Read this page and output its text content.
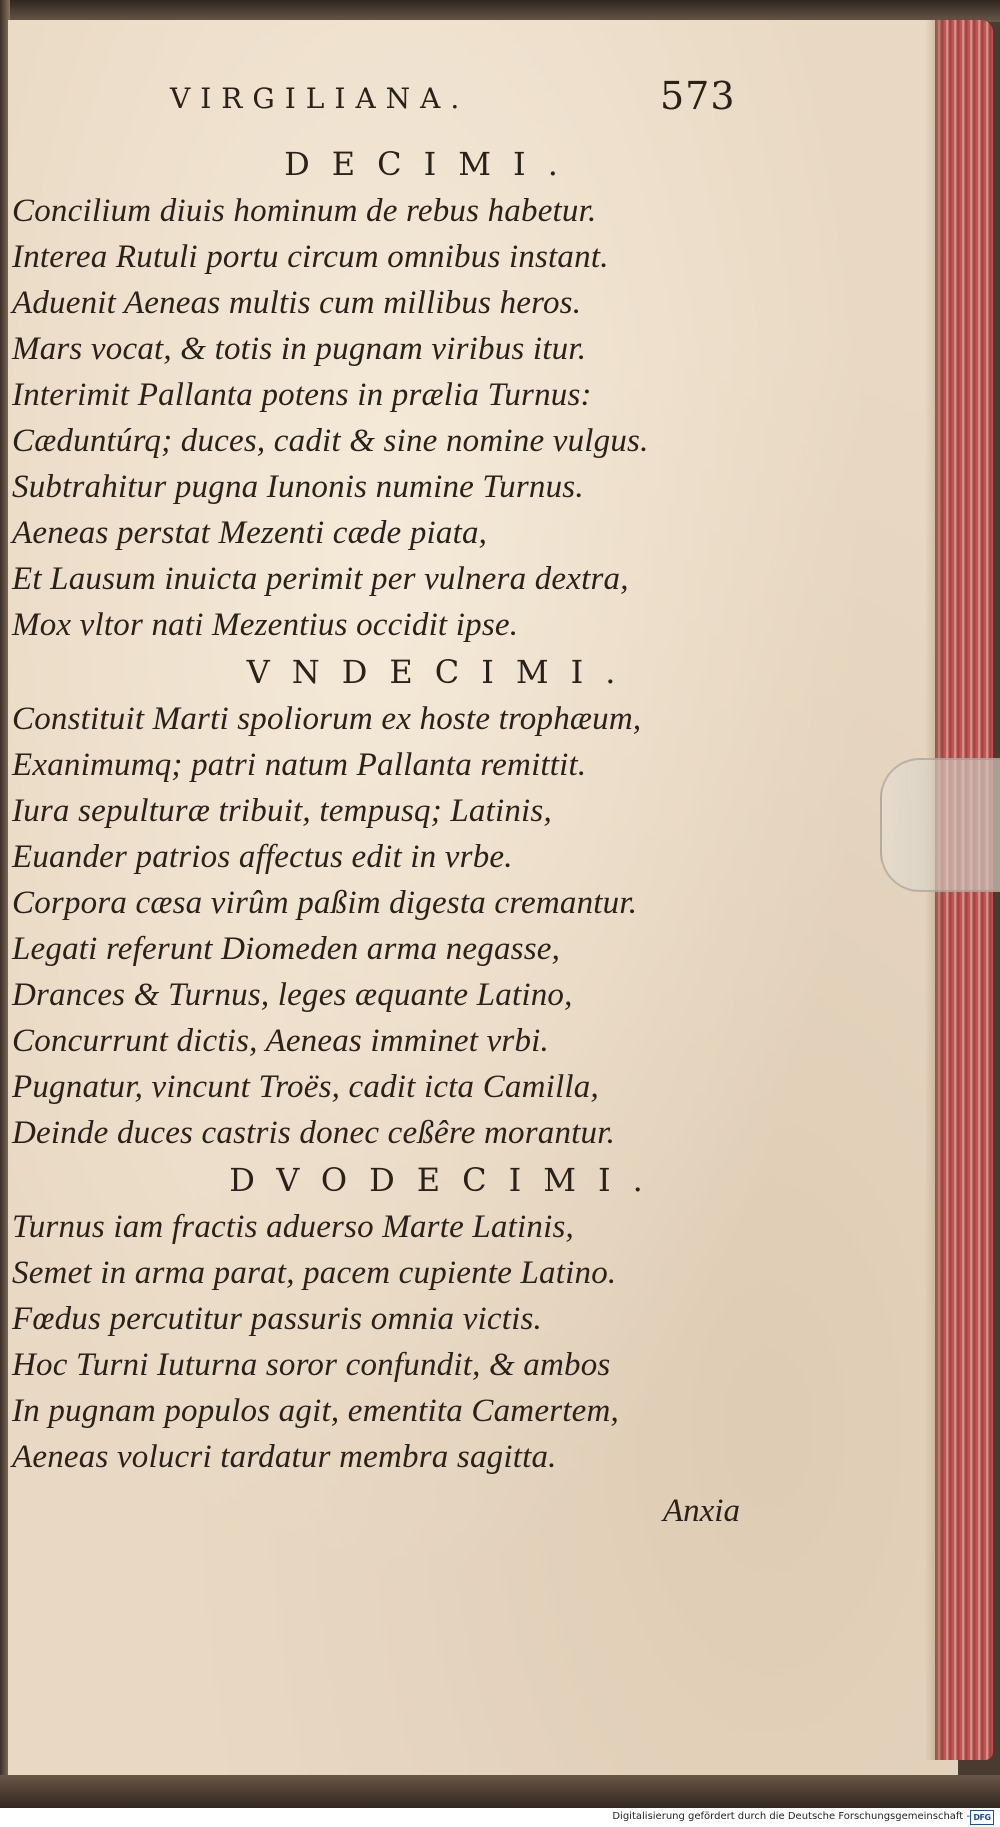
VIRGILIANA.	573
DECIMI.
Concilium diuis hominum de rebus habetur.
Interea Rutuli portu circum omnibus instant.
Aduenit Aeneas multis cum millibus heros.
Mars vocat, & totis in pugnam viribus itur.
Interimit Pallanta potens in prælia Turnus:
Cæduntúrq; duces, cadit & sine nomine vulgus.
Subtrahitur pugna Iunonis numine Turnus.
Aeneas perstat Mezenti cæde piata,
Et Lausum inuicta perimit per vulnera dextra,
Mox vltor nati Mezentius occidit ipse.
VNDECIMI.
Constituit Marti spoliorum ex hoste trophæum,
Exanimumq; patri natum Pallanta remittit.
Iura sepulturæ tribuit, tempusq; Latinis,
Euander patrios affectus edit in vrbe.
Corpora cæsa virûm paßim digesta cremantur.
Legati referunt Diomeden arma negasse,
Drances & Turnus, leges æquante Latino,
Concurrunt dictis, Aeneas imminet vrbi.
Pugnatur, vincunt Troës, cadit icta Camilla,
Deinde duces castris donec ceßêre morantur.
DVODECIMI.
Turnus iam fractis aduerso Marte Latinis,
Semet in arma parat, pacem cupiente Latino.
Fœdus percutitur passuris omnia victis.
Hoc Turni Iuturna soror confundit, & ambos
In pugnam populos agit, ementita Camertem,
Aeneas volucri tardatur membra sagitta.
Anxia
Digitalisierung gefördert durch die Deutsche Forschungsgemeinschaft - DFG
